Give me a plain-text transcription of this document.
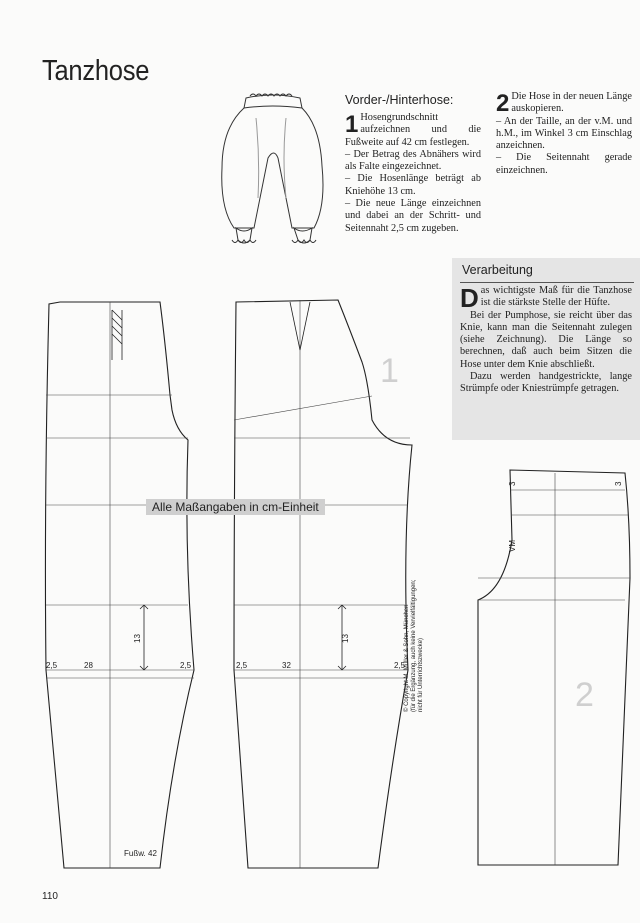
Tanzhose
Vorder-/Hinterhose:
1 Hosengrundschnitt aufzeichnen und die Fußweite auf 42 cm festlegen.

– Der Betrag des Abnähers wird als Falte eingezeichnet.

– Die Hosenlänge beträgt ab Kniehöhe 13 cm.

– Die neue Länge einzeichnen und dabei an der Schritt- und Seitennaht 2,5 cm zugeben.

2 Die Hose in der neuen Länge auskopieren.

– An der Taille, an der v.M. und h.M., im Winkel 3 cm Einschlag anzeichnen.

– Die Seitennaht gerade einzeichnen.

Verarbeitung
D as wichtigste Maß für die Tanzhose ist die stärkste Stelle der Hüfte.

Bei der Pumphose, sie reicht über das Knie, kann man die Seitennaht zulegen (siehe Zeichnung). Die Länge so berechnen, daß auch beim Sitzen die Hose unter dem Knie abschließt.

Dazu werden handgestrickte, lange Strümpfe oder Kniestrümpfe getragen.

2,5	28	2,5
13
Fußw. 42
2,5	32	2,5
13
3	3
VM
1
2
Alle Maßangaben in cm-Einheit
© Copyright M. Müller & Sohn, München (für die Ergänzung, auch keine Vervielfältigungen; nicht für Unterrichtszwecke)
110
